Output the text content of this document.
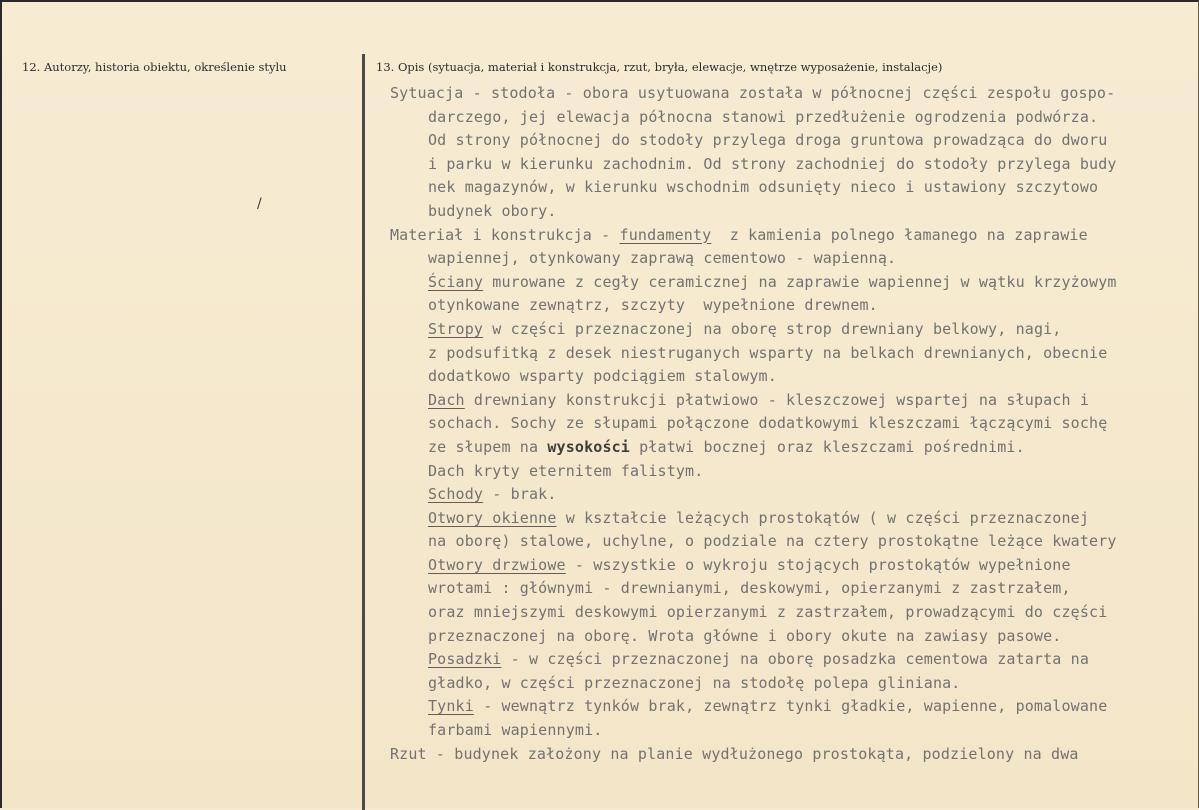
12. Autorzy, historia obiektu, określenie stylu	13. Opis (sytuacja, materiał i konstrukcja, rzut, bryła, elewacje, wnętrze wyposażenie, instalacje)
/
Sytuacja - stodoła - obora usytuowana została w północnej części zespołu gospo-
darczego, jej elewacja północna stanowi przedłużenie ogrodzenia podwórza.
Od strony północnej do stodoły przylega droga gruntowa prowadząca do dworu
i parku w kierunku zachodnim. Od strony zachodniej do stodoły przylega budy
nek magazynów, w kierunku wschodnim odsunięty nieco i ustawiony szczytowo
budynek obory.
Materiał i konstrukcja - fundamenty  z kamienia polnego łamanego na zaprawie
wapiennej, otynkowany zaprawą cementowo - wapienną.
Ściany murowane z cegły ceramicznej na zaprawie wapiennej w wątku krzyżowym
otynkowane zewnątrz, szczyty  wypełnione drewnem.
Stropy w części przeznaczonej na oborę strop drewniany belkowy, nagi,
z podsufitką z desek niestruganych wsparty na belkach drewnianych, obecnie
dodatkowo wsparty podciągiem stalowym.
Dach drewniany konstrukcji płatwiowo - kleszczowej wspartej na słupach i
sochach. Sochy ze słupami połączone dodatkowymi kleszczami łączącymi sochę
ze słupem na wysokości płatwi bocznej oraz kleszczami pośrednimi.
Dach kryty eternitem falistym.
Schody - brak.
Otwory okienne w kształcie leżących prostokątów ( w części przeznaczonej
na oborę) stalowe, uchylne, o podziale na cztery prostokątne leżące kwatery
Otwory drzwiowe - wszystkie o wykroju stojących prostokątów wypełnione
wrotami : głównymi - drewnianymi, deskowymi, opierzanymi z zastrzałem,
oraz mniejszymi deskowymi opierzanymi z zastrzałem, prowadzącymi do części
przeznaczonej na oborę. Wrota główne i obory okute na zawiasy pasowe.
Posadzki - w części przeznaczonej na oborę posadzka cementowa zatarta na
gładko, w części przeznaczonej na stodołę polepa gliniana.
Tynki - wewnątrz tynków brak, zewnątrz tynki gładkie, wapienne, pomalowane
farbami wapiennymi.
Rzut - budynek założony na planie wydłużonego prostokąta, podzielony na dwa
